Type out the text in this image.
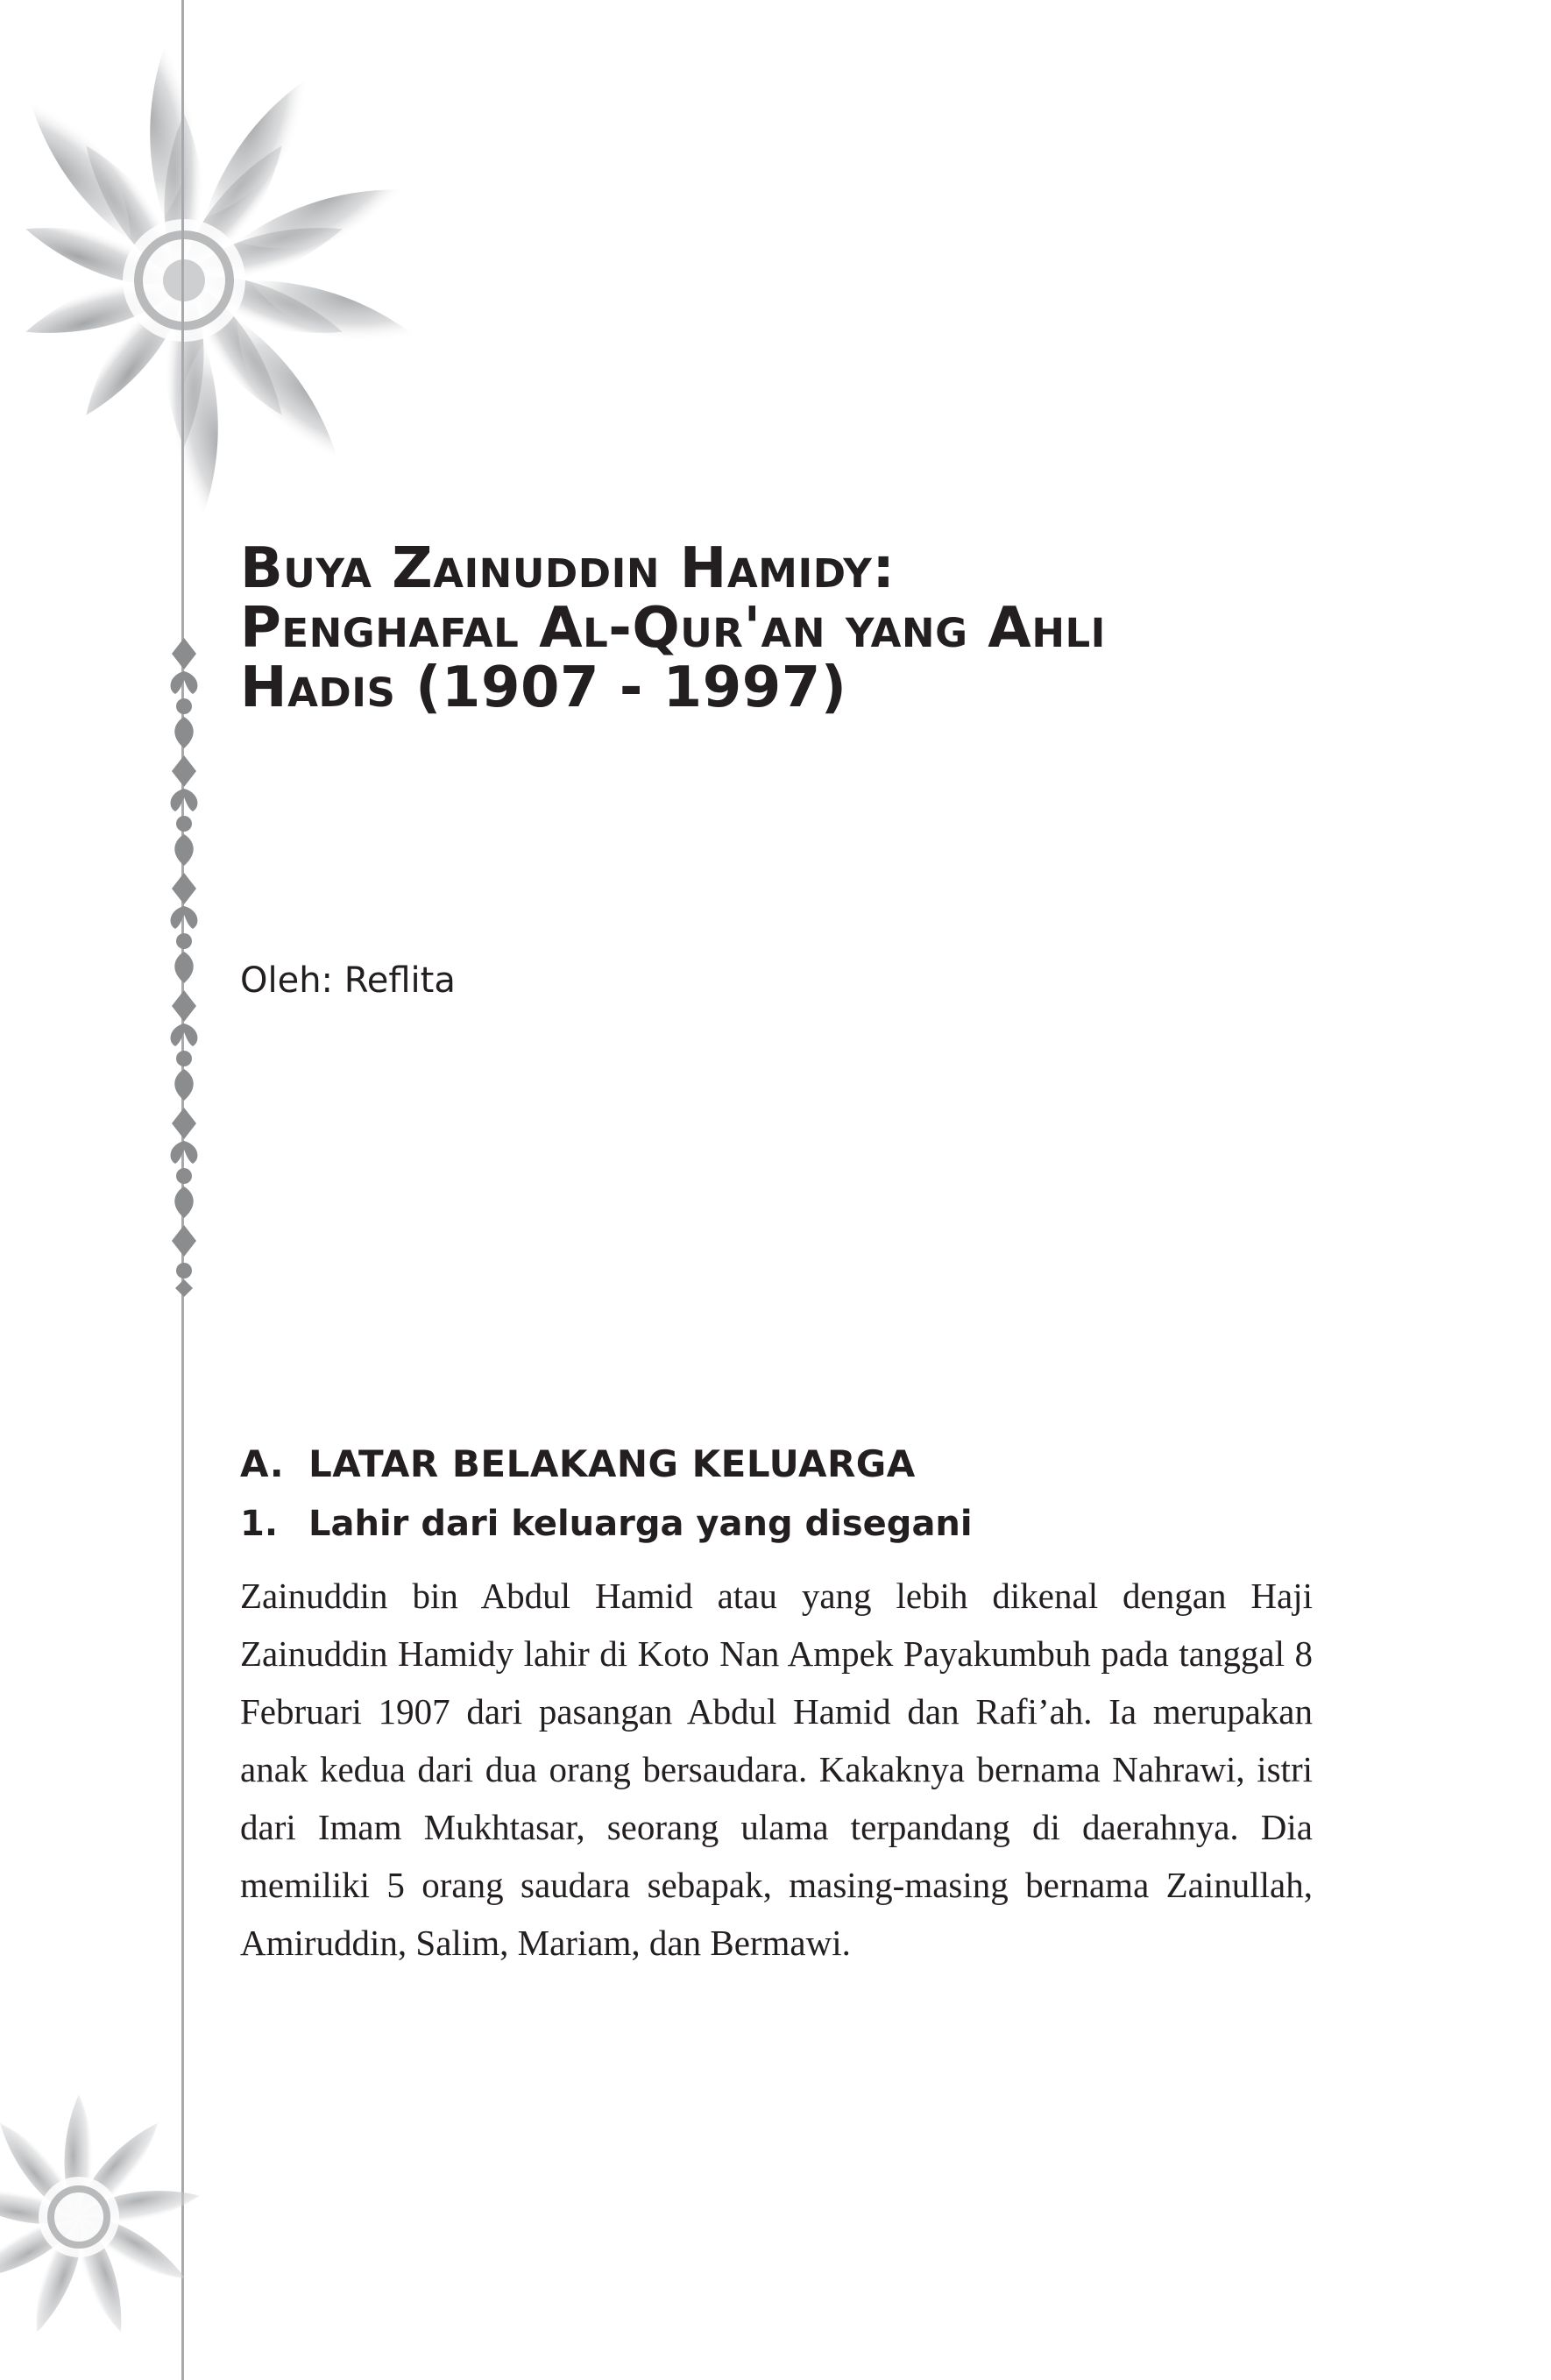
Buya Zainuddin Hamidy:
Penghafal Al-Qur'an yang Ahli
Hadis (1907 - 1997)

Oleh: Reflita

A. LATAR BELAKANG KELUARGA
1. Lahir dari keluarga yang disegani

Zainuddin bin Abdul Hamid atau yang lebih dikenal dengan Haji Zainuddin Hamidy lahir di Koto Nan Ampek Payakumbuh pada tanggal 8 Februari 1907 dari pasangan Abdul Hamid dan Rafi’ah. Ia merupakan anak kedua dari dua orang bersaudara. Kakaknya bernama Nahrawi, istri dari Imam Mukhtasar, seorang ulama terpandang di daerahnya. Dia memiliki 5 orang saudara sebapak, masing-masing bernama Zainullah, Amiruddin, Salim, Mariam, dan Bermawi.
